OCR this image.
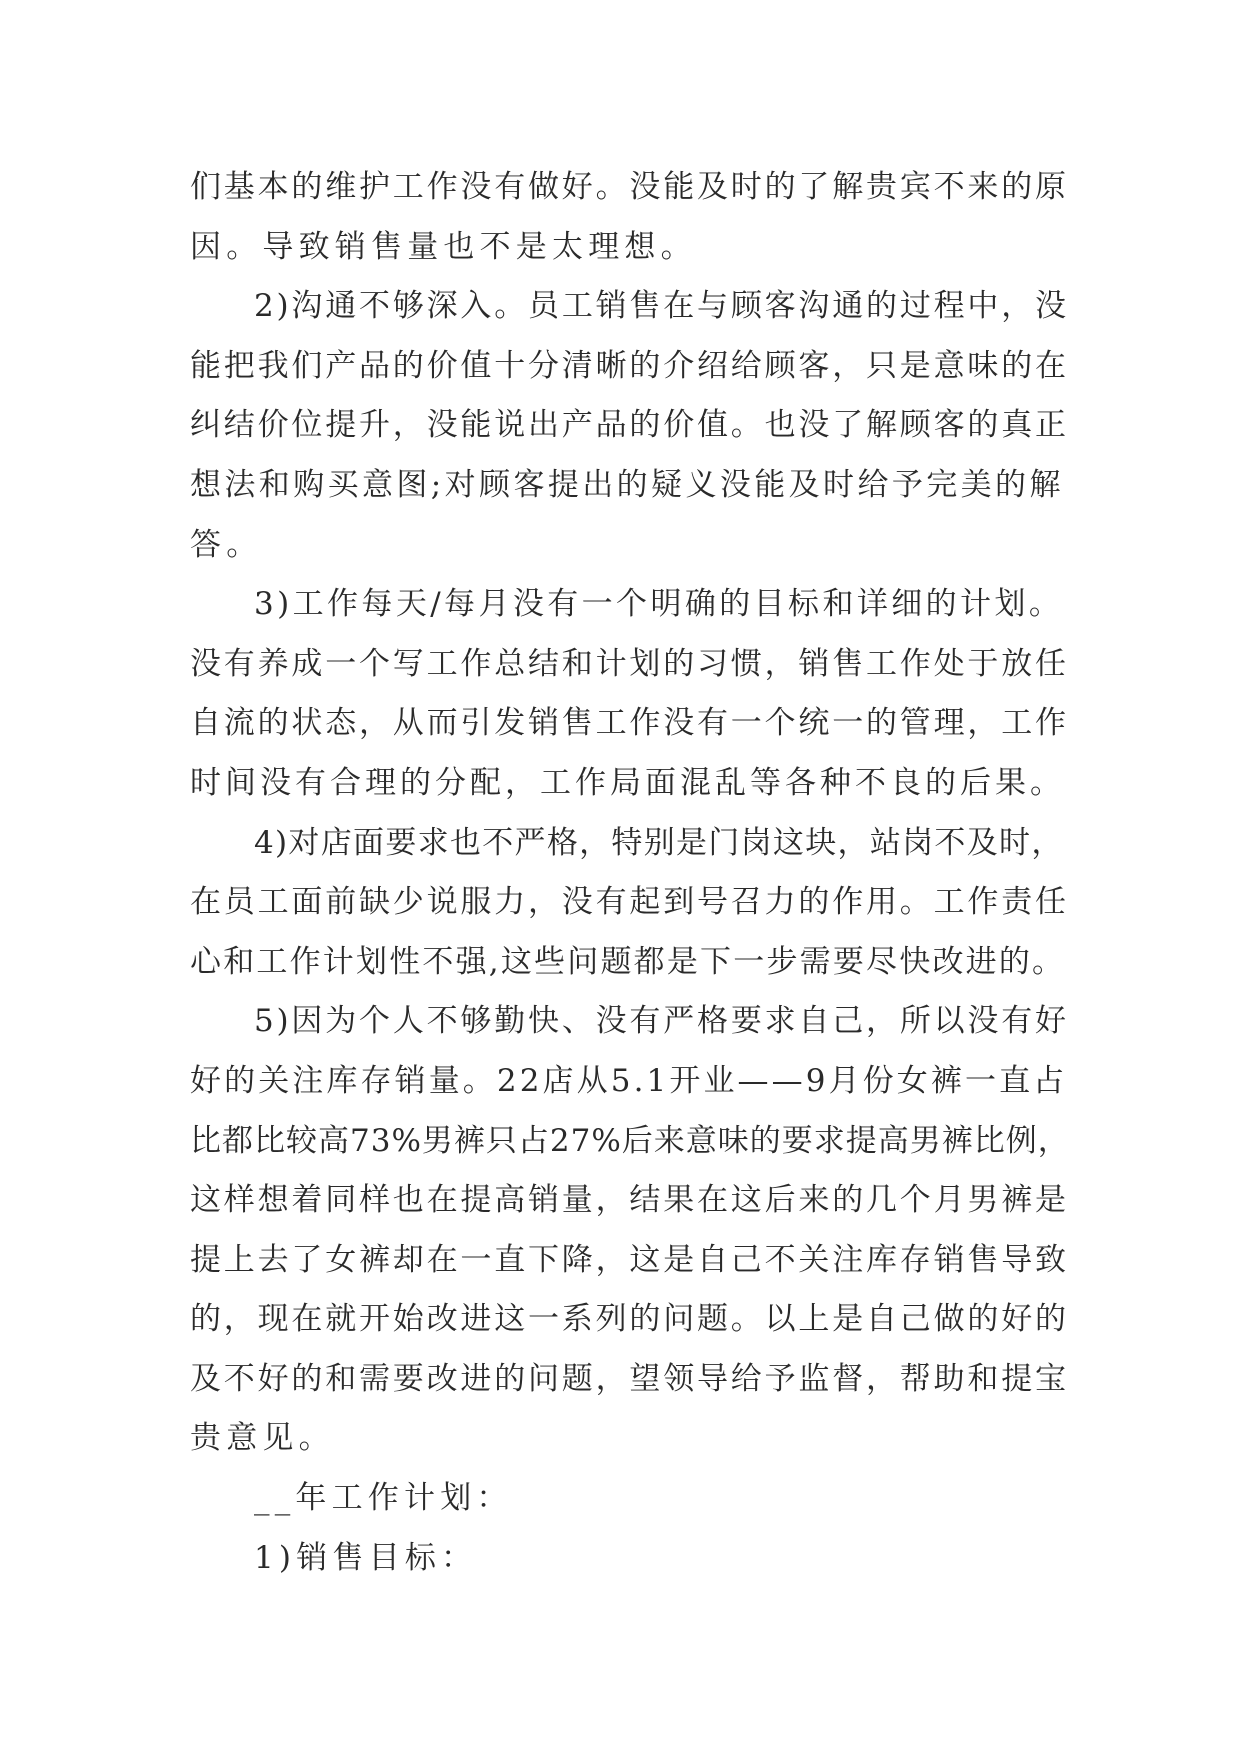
们基本的维护工作没有做好。没能及时的了解贵宾不来的原
因。导致销售量也不是太理想。
2)沟通不够深入。员工销售在与顾客沟通的过程中，没
能把我们产品的价值十分清晰的介绍给顾客，只是意味的在
纠结价位提升，没能说出产品的价值。也没了解顾客的真正
想法和购买意图;对顾客提出的疑义没能及时给予完美的解
答。
3)工作每天/每月没有一个明确的目标和详细的计划。
没有养成一个写工作总结和计划的习惯，销售工作处于放任
自流的状态，从而引发销售工作没有一个统一的管理，工作
时间没有合理的分配，工作局面混乱等各种不良的后果。
4)对店面要求也不严格，特别是门岗这块，站岗不及时，
在员工面前缺少说服力，没有起到号召力的作用。工作责任
心和工作计划性不强,这些问题都是下一步需要尽快改进的。
5)因为个人不够勤快、没有严格要求自己，所以没有好
好的关注库存销量。22店从5.1开业——9月份女裤一直占
比都比较高73%男裤只占27%后来意味的要求提高男裤比例，
这样想着同样也在提高销量，结果在这后来的几个月男裤是
提上去了女裤却在一直下降，这是自己不关注库存销售导致
的，现在就开始改进这一系列的问题。以上是自己做的好的
及不好的和需要改进的问题，望领导给予监督，帮助和提宝
贵意见。
__年工作计划：
1)销售目标：
